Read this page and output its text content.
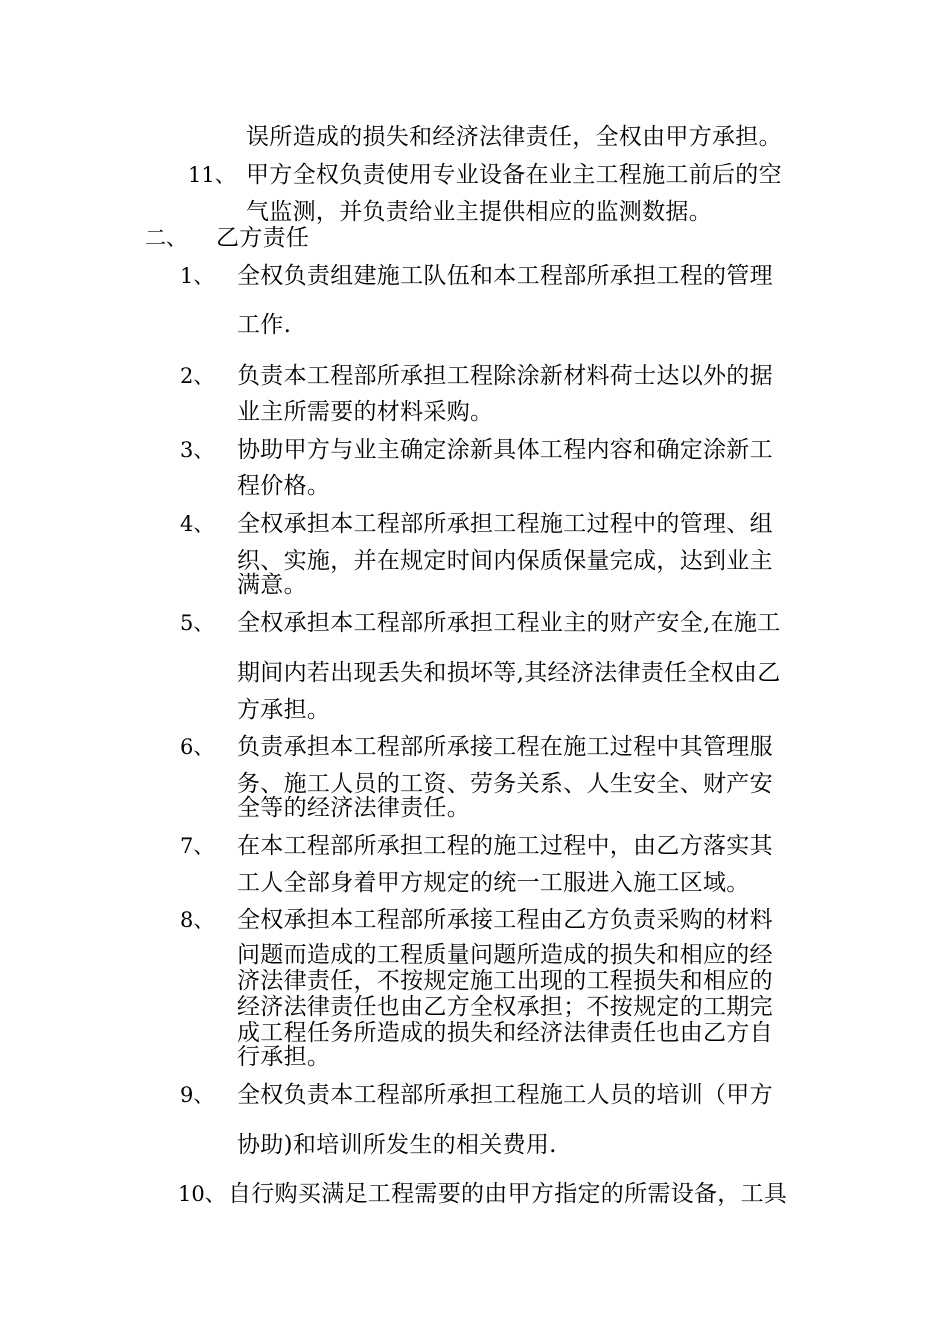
误所造成的损失和经济法律责任，全权由甲方承担。
11、 甲方全权负责使用专业设备在业主工程施工前后的空
气监测，并负责给业主提供相应的监测数据。
二、 乙方责任
1、 全权负责组建施工队伍和本工程部所承担工程的管理
工作.
2、 负责本工程部所承担工程除涂新材料荷士达以外的据
业主所需要的材料采购。
3、 协助甲方与业主确定涂新具体工程内容和确定涂新工
程价格。
4、 全权承担本工程部所承担工程施工过程中的管理、组
织、实施，并在规定时间内保质保量完成，达到业主
满意。
5、 全权承担本工程部所承担工程业主的财产安全,在施工
期间内若出现丢失和损坏等,其经济法律责任全权由乙
方承担。
6、 负责承担本工程部所承接工程在施工过程中其管理服
务、施工人员的工资、劳务关系、人生安全、财产安
全等的经济法律责任。
7、 在本工程部所承担工程的施工过程中，由乙方落实其
工人全部身着甲方规定的统一工服进入施工区域。
8、 全权承担本工程部所承接工程由乙方负责采购的材料
问题而造成的工程质量问题所造成的损失和相应的经
济法律责任，不按规定施工出现的工程损失和相应的
经济法律责任也由乙方全权承担；不按规定的工期完
成工程任务所造成的损失和经济法律责任也由乙方自
行承担。
9、 全权负责本工程部所承担工程施工人员的培训（甲方
协助)和培训所发生的相关费用.
10、 自行购买满足工程需要的由甲方指定的所需设备，工具
